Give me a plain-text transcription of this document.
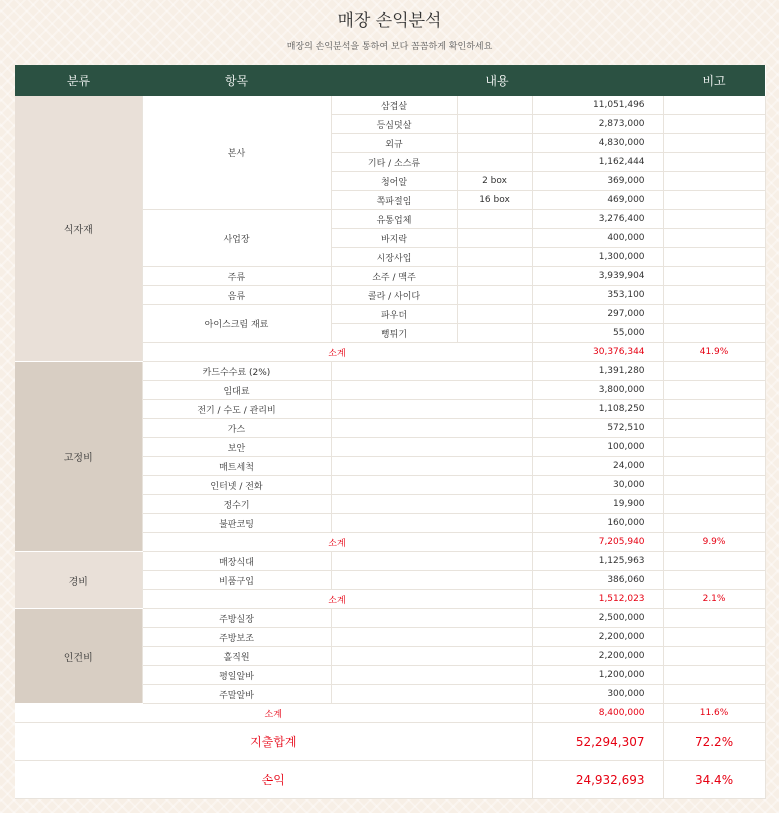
매장 손익분석
매장의 손익분석을 통하여 보다 꼼꼼하게 확인하세요
분류	항목	내용			비고
식자재	본사	삼겹살		11,051,496	
		등심덧살		2,873,000	
		외규		4,830,000	
		기타 / 소스류		1,162,444	
		청어알	2 box	369,000	
		쪽파절임	16 box	469,000	
	사업장	유통업체		3,276,400	
		바지락		400,000	
		시장사입		1,300,000	
	주류	소주 / 맥주		3,939,904	
	음류	콜라 / 사이다		353,100	
	아이스크림 재료	파우더		297,000	
		뻥튀기		55,000	
	소계			30,376,344	41.9%
고정비	카드수수료 (2%)			1,391,280	
	임대료			3,800,000	
	전기 / 수도 / 관리비			1,108,250	
	가스			572,510	
	보안			100,000	
	매트세척			24,000	
	인터넷 / 전화			30,000	
	정수기			19,900	
	불판코팅			160,000	
	소계			7,205,940	9.9%
경비	매장식대			1,125,963	
	비품구입			386,060	
	소계			1,512,023	2.1%
인건비	주방실장			2,500,000	
	주방보조			2,200,000	
	홀직원			2,200,000	
	평일알바			1,200,000	
	주말알바			300,000	
소계				8,400,000	11.6%
지출합계				52,294,307	72.2%
손익				24,932,693	34.4%
